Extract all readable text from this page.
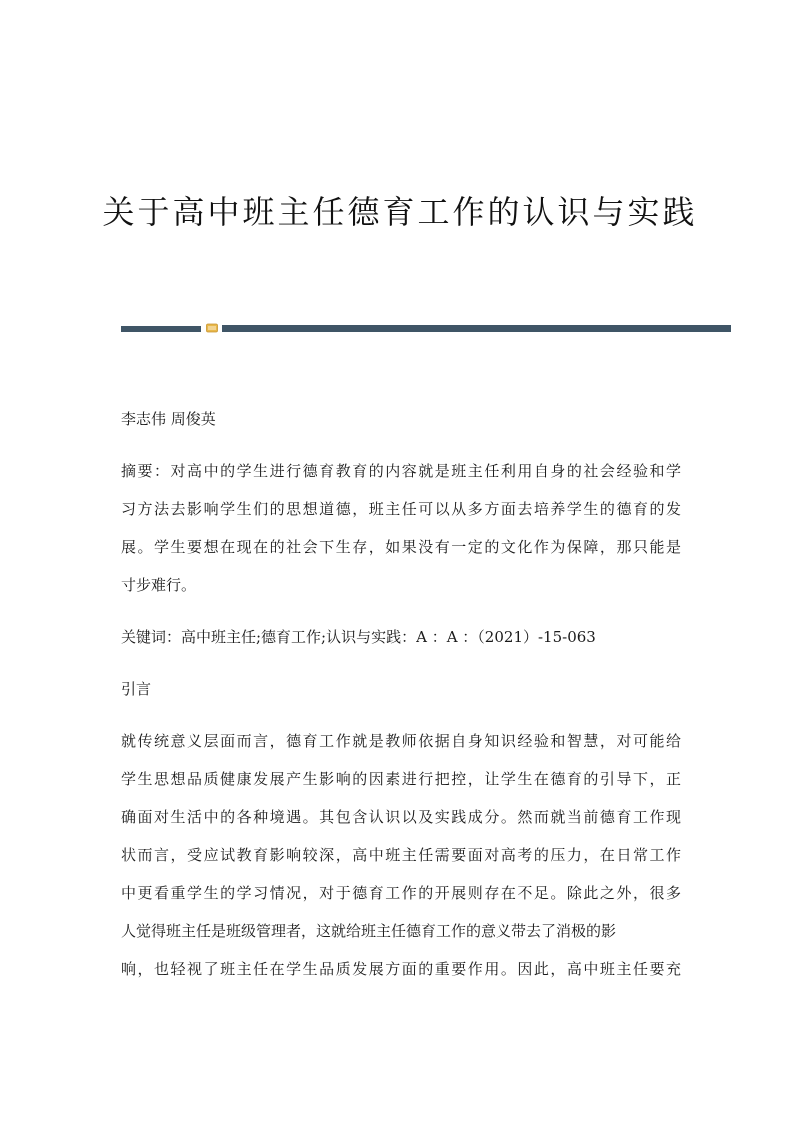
关于高中班主任德育工作的认识与实践
李志伟 周俊英
摘要：对高中的学生进行德育教育的内容就是班主任利用自身的社会经验和学
习方法去影响学生们的思想道德，班主任可以从多方面去培养学生的德育的发
展。学生要想在现在的社会下生存，如果没有一定的文化作为保障，那只能是
寸步难行。
关键词：高中班主任;德育工作;认识与实践：A ：A ：（2021）-15-063
引言
就传统意义层面而言，德育工作就是教师依据自身知识经验和智慧，对可能给
学生思想品质健康发展产生影响的因素进行把控，让学生在德育的引导下，正
确面对生活中的各种境遇。其包含认识以及实践成分。然而就当前德育工作现
状而言，受应试教育影响较深，高中班主任需要面对高考的压力，在日常工作
中更看重学生的学习情况，对于德育工作的开展则存在不足。除此之外，很多
人觉得班主任是班级管理者，这就给班主任德育工作的意义带去了消极的影
响，也轻视了班主任在学生品质发展方面的重要作用。因此，高中班主任要充
